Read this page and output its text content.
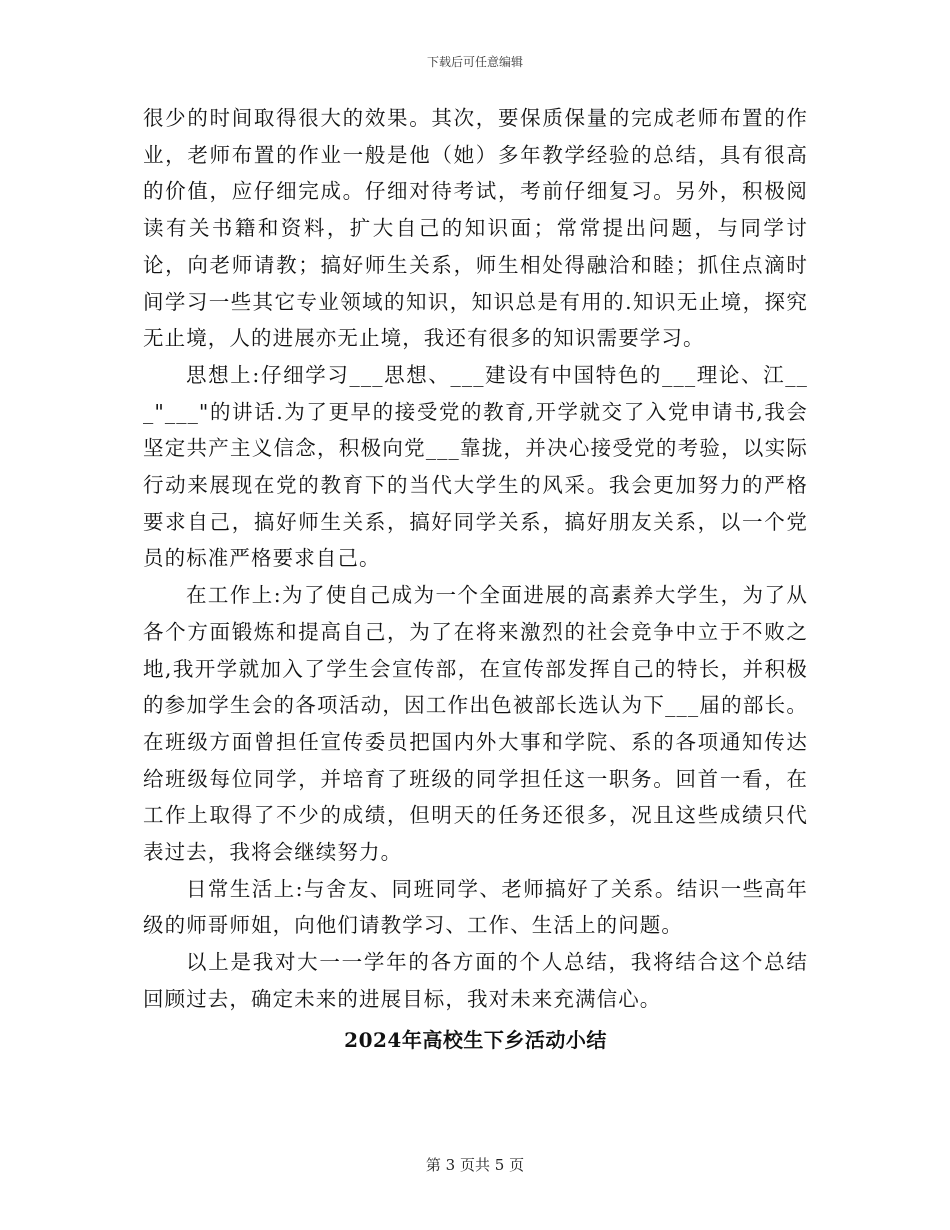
下载后可任意编辑

很少的时间取得很大的效果。其次，要保质保量的完成老师布置的作业，老师布置的作业一般是他（她）多年教学经验的总结，具有很高的价值，应仔细完成。仔细对待考试，考前仔细复习。另外，积极阅读有关书籍和资料，扩大自己的知识面；常常提出问题，与同学讨论，向老师请教；搞好师生关系，师生相处得融洽和睦；抓住点滴时间学习一些其它专业领域的知识，知识总是有用的.知识无止境，探究无止境，人的进展亦无止境，我还有很多的知识需要学习。

思想上:仔细学习___思想、___建设有中国特色的___理论、江___"___"的讲话.为了更早的接受党的教育,开学就交了入党申请书,我会坚定共产主义信念，积极向党___靠拢，并决心接受党的考验，以实际行动来展现在党的教育下的当代大学生的风采。我会更加努力的严格要求自己，搞好师生关系，搞好同学关系，搞好朋友关系，以一个党员的标准严格要求自己。

在工作上:为了使自己成为一个全面进展的高素养大学生，为了从各个方面锻炼和提高自己，为了在将来激烈的社会竞争中立于不败之地,我开学就加入了学生会宣传部，在宣传部发挥自己的特长，并积极的参加学生会的各项活动，因工作出色被部长选认为下___届的部长。在班级方面曾担任宣传委员把国内外大事和学院、系的各项通知传达给班级每位同学，并培育了班级的同学担任这一职务。回首一看，在工作上取得了不少的成绩，但明天的任务还很多，况且这些成绩只代表过去，我将会继续努力。

日常生活上:与舍友、同班同学、老师搞好了关系。结识一些高年级的师哥师姐，向他们请教学习、工作、生活上的问题。

以上是我对大一一学年的各方面的个人总结，我将结合这个总结回顾过去，确定未来的进展目标，我对未来充满信心。

2024年高校生下乡活动小结
第 3 页共 5 页
